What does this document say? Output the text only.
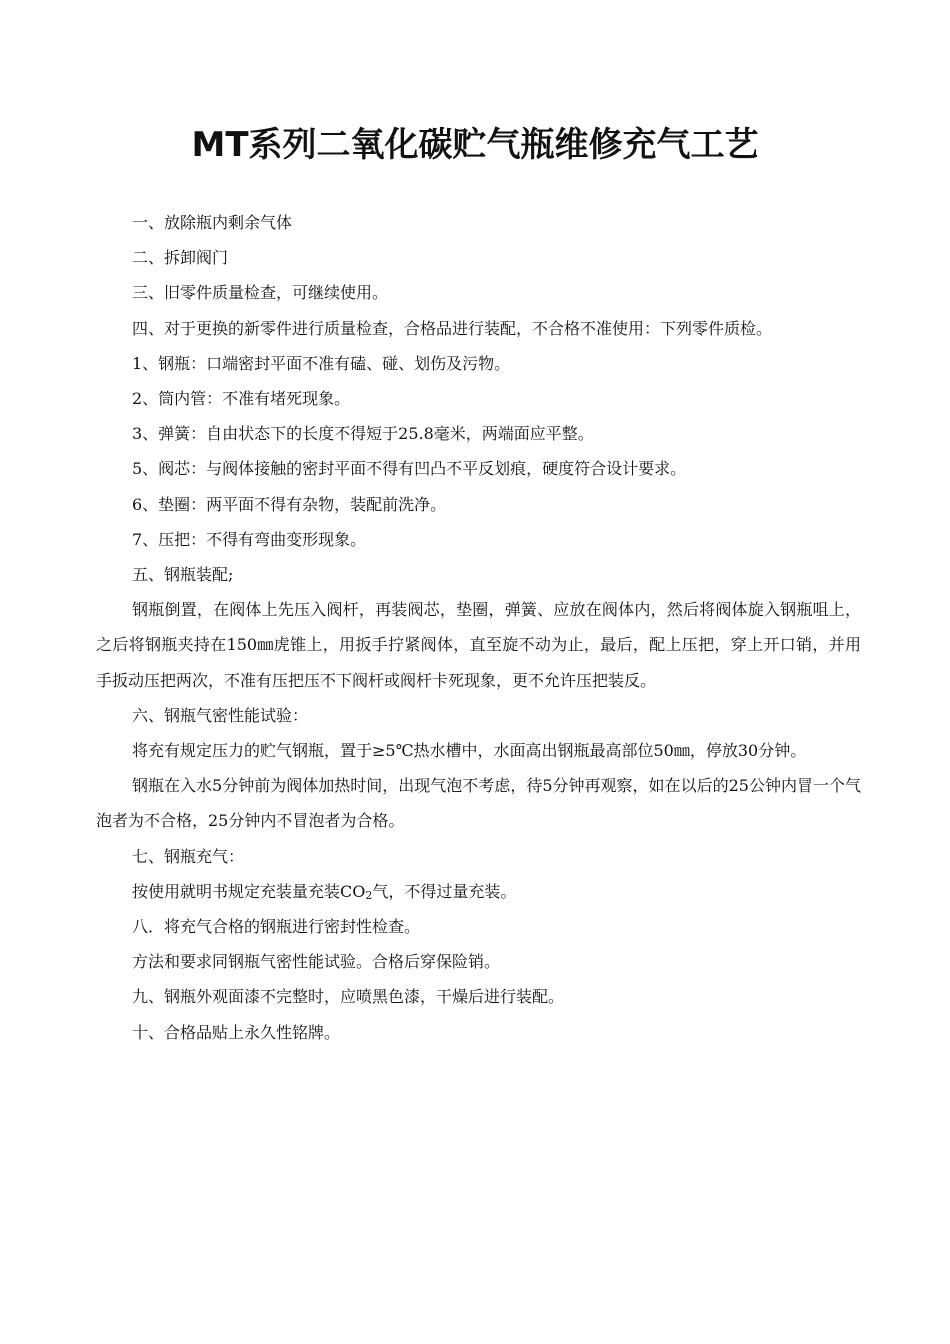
MT系列二氧化碳贮气瓶维修充气工艺

一、放除瓶内剩余气体

二、拆卸阀门

三、旧零件质量检查，可继续使用。

四、对于更换的新零件进行质量检查，合格品进行装配，不合格不准使用：下列零件质检。

1、钢瓶：口端密封平面不准有磕、碰、划伤及污物。

2、筒内管：不准有堵死现象。

3、弹簧：自由状态下的长度不得短于25.8毫米，两端面应平整。

5、阀芯：与阀体接触的密封平面不得有凹凸不平反划痕，硬度符合设计要求。

6、垫圈：两平面不得有杂物，装配前洗净。

7、压把：不得有弯曲变形现象。

五、钢瓶装配;

钢瓶倒置，在阀体上先压入阀杆，再装阀芯，垫圈，弹簧、应放在阀体内，然后将阀体旋入钢瓶咀上，之后将钢瓶夹持在150㎜虎锥上，用扳手拧紧阀体，直至旋不动为止，最后，配上压把，穿上开口销，并用手扳动压把两次，不准有压把压不下阀杆或阀杆卡死现象，更不允许压把装反。

六、钢瓶气密性能试验：

将充有规定压力的贮气钢瓶，置于≥5℃热水槽中，水面高出钢瓶最高部位50㎜，停放30分钟。

钢瓶在入水5分钟前为阀体加热时间，出现气泡不考虑，待5分钟再观察，如在以后的25公钟内冒一个气泡者为不合格，25分钟内不冒泡者为合格。

七、钢瓶充气：

按使用就明书规定充装量充装$CO_2$气，不得过量充装。

八．将充气合格的钢瓶进行密封性检查。

方法和要求同钢瓶气密性能试验。合格后穿保险销。

九、钢瓶外观面漆不完整时，应喷黑色漆，干燥后进行装配。

十、合格品贴上永久性铭牌。
